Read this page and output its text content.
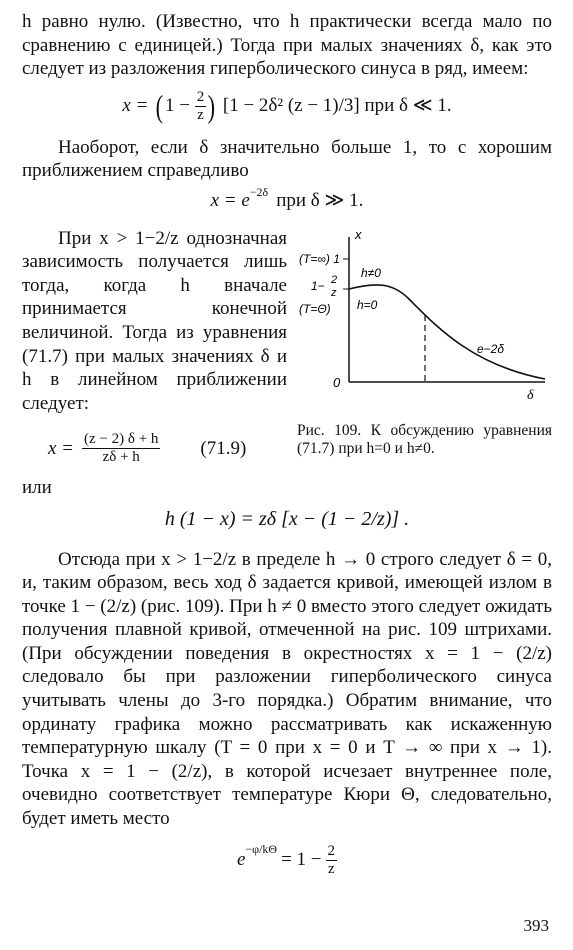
h равно нулю. (Известно, что h практически всегда мало по сравнению с единицей.) Тогда при малых значениях δ, как это следует из разложения гиперболического синуса в ряд, имеем:

x = ( $1 - \frac{2}{z}$ ) [1 − 2δ² (z − 1)/3] при δ ≪ 1.

Наоборот, если δ значительно больше 1, то с хорошим приближением справедливо

$x = e^{-2\delta}$ при δ ≫ 1.

При x > 1−2/z однозначная зависимость получается лишь тогда, когда h вначале принимается конечной величиной. Тогда из уравнения (71.7) при малых значениях δ и h в линейном приближении следует:

$x = \frac{(z - 2) \delta + h}{z\delta + h} (71.9)$
x
(T=∞) 1
h≠0
1− 2
z
(T=Θ) h=0
e−2δ
0
δ
Рис. 109. К обсуждению уравнения (71.7) при h=0 и h≠0.

или

h (1 − x) = zδ [x − (1 − 2/z)] .

Отсюда при x > 1−2/z в пределе h → 0 строго следует δ = 0, и, таким образом, весь ход δ задается кривой, имеющей излом в точке 1 − (2/z) (рис. 109). При h ≠ 0 вместо этого следует ожидать получения плавной кривой, отмеченной на рис. 109 штрихами. (При обсуждении поведения в окрестностях x = 1 − (2/z) следовало бы при разложении гиперболического синуса учитывать члены до 3-го порядка.) Обратим внимание, что ординату графика можно рассматривать как искаженную температурную шкалу (T = 0 при x = 0 и T → ∞ при x → 1). Точка x = 1 − (2/z), в которой исчезает внутреннее поле, очевидно соответствует температуре Кюри Θ, следовательно, будет иметь место

$e^{-\varphi/k\Theta} = 1 - \frac{2}{z}$
393
